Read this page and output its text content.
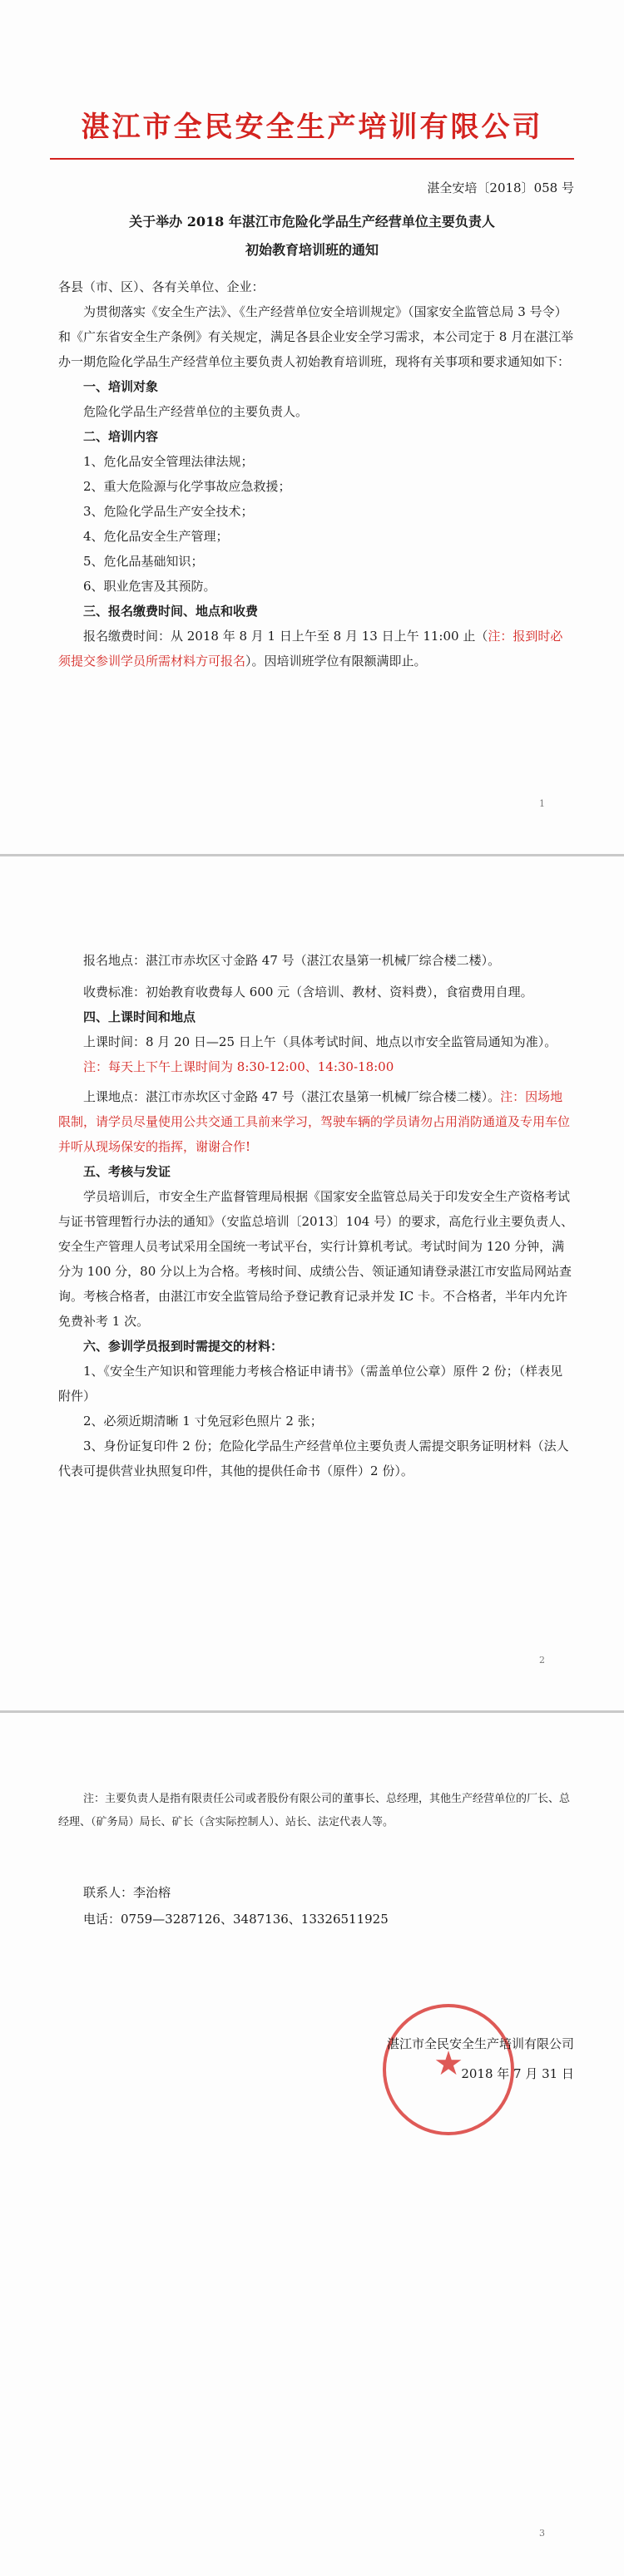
湛江市全民安全生产培训有限公司
湛全安培〔2018〕058 号
关于举办 2018 年湛江市危险化学品生产经营单位主要负责人
初始教育培训班的通知

各县（市、区）、各有关单位、企业：

为贯彻落实《安全生产法》、《生产经营单位安全培训规定》（国家安全监管总局 3 号令）和《广东省安全生产条例》有关规定，满足各县企业安全学习需求，本公司定于 8 月在湛江举办一期危险化学品生产经营单位主要负责人初始教育培训班，现将有关事项和要求通知如下：

一、培训对象

危险化学品生产经营单位的主要负责人。

二、培训内容

1、危化品安全管理法律法规；

2、重大危险源与化学事故应急救援；

3、危险化学品生产安全技术；

4、危化品安全生产管理；

5、危化品基础知识；

6、职业危害及其预防。

三、报名缴费时间、地点和收费

报名缴费时间：从 2018 年 8 月 1 日上午至 8 月 13 日上午 11:00 止（注：报到时必须提交参训学员所需材料方可报名）。因培训班学位有限额满即止。

1

报名地点：湛江市赤坎区寸金路 47 号（湛江农垦第一机械厂综合楼二楼）。

收费标准：初始教育收费每人 600 元（含培训、教材、资料费），食宿费用自理。

四、上课时间和地点

上课时间：8 月 20 日—25 日上午（具体考试时间、地点以市安全监管局通知为准）。

注：每天上下午上课时间为 8:30-12:00、14:30-18:00

上课地点：湛江市赤坎区寸金路 47 号（湛江农垦第一机械厂综合楼二楼）。注：因场地限制，请学员尽量使用公共交通工具前来学习，驾驶车辆的学员请勿占用消防通道及专用车位并听从现场保安的指挥，谢谢合作!

五、考核与发证

学员培训后，市安全生产监督管理局根据《国家安全监管总局关于印发安全生产资格考试与证书管理暂行办法的通知》（安监总培训〔2013〕104 号）的要求，高危行业主要负责人、安全生产管理人员考试采用全国统一考试平台，实行计算机考试。考试时间为 120 分钟，满分为 100 分，80 分以上为合格。考核时间、成绩公告、领证通知请登录湛江市安监局网站查询。考核合格者，由湛江市安全监管局给予登记教育记录并发 IC 卡。不合格者，半年内允许免费补考 1 次。

六、参训学员报到时需提交的材料：

1、《安全生产知识和管理能力考核合格证申请书》（需盖单位公章）原件 2 份；（样表见附件）

2、必须近期清晰 1 寸免冠彩色照片 2 张；

3、身份证复印件 2 份；危险化学品生产经营单位主要负责人需提交职务证明材料（法人代表可提供营业执照复印件，其他的提供任命书（原件）2 份）。

2

注：主要负责人是指有限责任公司或者股份有限公司的董事长、总经理，其他生产经营单位的厂长、总经理、（矿务局）局长、矿长（含实际控制人）、站长、法定代表人等。

联系人：李治榕

电话：0759—3287126、3487136、13326511925

★
湛江市全民安全生产培训有限公司
2018 年 7 月 31 日
3
